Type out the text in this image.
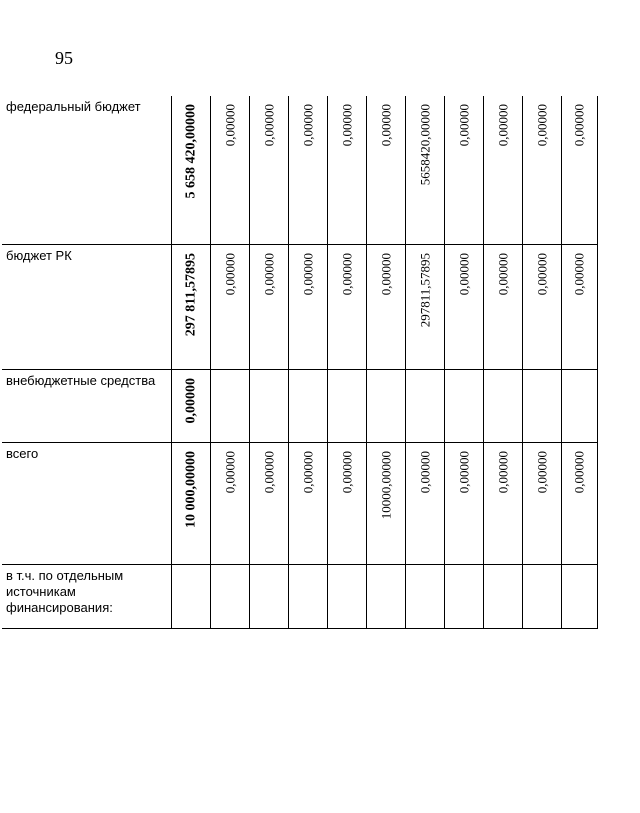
95
федеральный бюджет	5 658 420,00000	0,00000	0,00000	0,00000	0,00000	0,00000	5658420,00000	0,00000	0,00000	0,00000	0,00000

бюджет РК	297 811,57895	0,00000	0,00000	0,00000	0,00000	0,00000	297811,57895	0,00000	0,00000	0,00000	0,00000

внебюджетные средства	0,00000										

всего	10 000,00000	0,00000	0,00000	0,00000	0,00000	10000,00000	0,00000	0,00000	0,00000	0,00000	0,00000

в т.ч. по отдельным источникам финансирования:	
